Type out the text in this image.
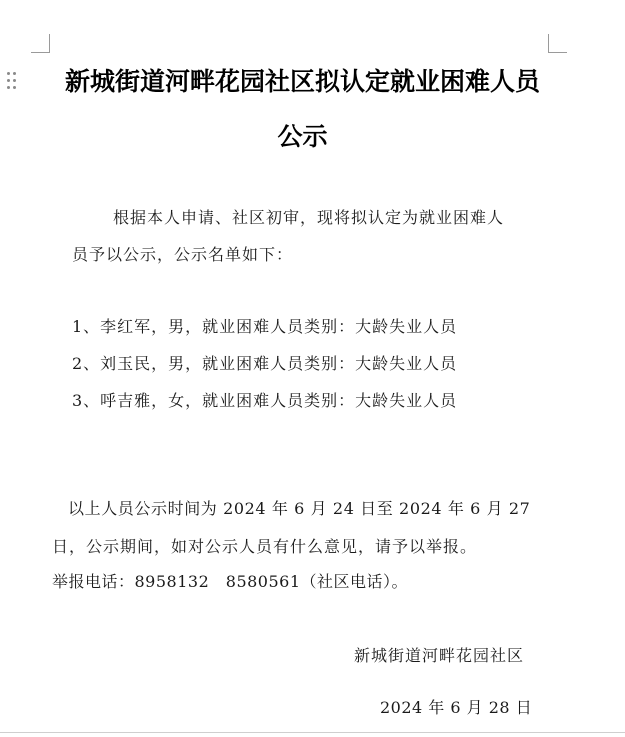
新城街道河畔花园社区拟认定就业困难人员
公示
根据本人申请、社区初审，现将拟认定为就业困难人
员予以公示，公示名单如下：
1、李红军，男，就业困难人员类别：大龄失业人员
2、刘玉民，男，就业困难人员类别：大龄失业人员
3、呼吉雅，女，就业困难人员类别：大龄失业人员
以上人员公示时间为 2024 年 6 月 24 日至 2024 年 6 月 27
日，公示期间，如对公示人员有什么意见，请予以举报。
举报电话：8958132　8580561（社区电话）。
新城街道河畔花园社区
2024 年 6 月 28 日
